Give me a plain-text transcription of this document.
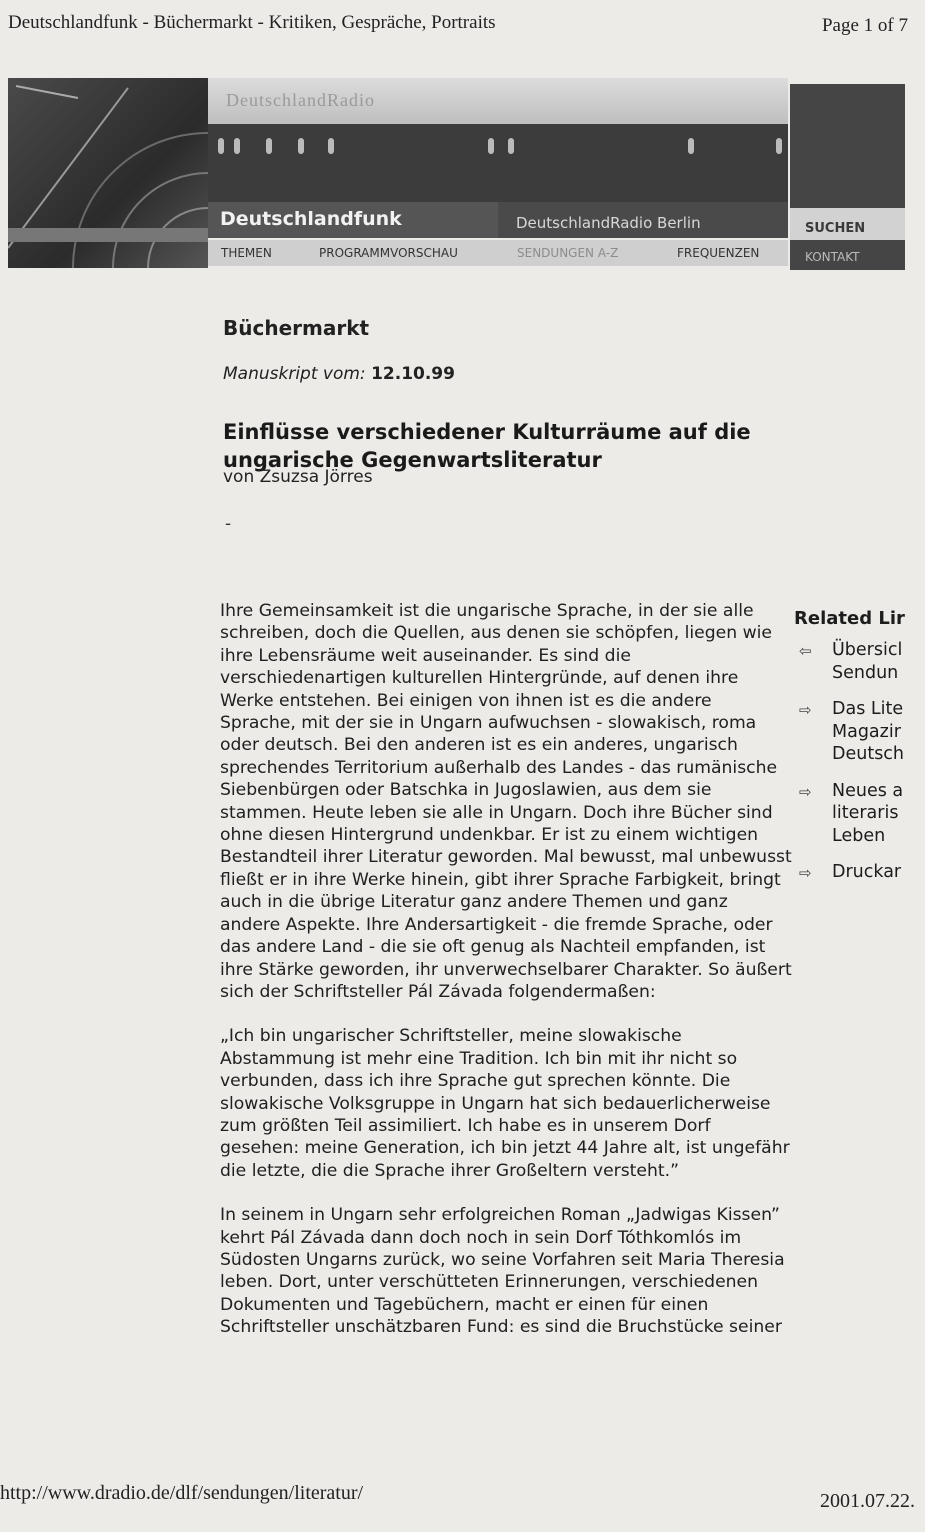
Deutschlandfunk - Büchermarkt - Kritiken, Gespräche, Portraits	Page 1 of 7
DeutschlandRadio
Deutschlandfunk	DeutschlandRadio Berlin	SUCHEN
KONTAKT
THEMEN	PROGRAMMVORSCHAU	SENDUNGEN A-Z	FREQUENZEN
Büchermarkt
Manuskript vom: 12.10.99
Einflüsse verschiedener Kulturräume auf die ungarische Gegenwartsliteratur
von Zsuzsa Jörres
-

Ihre Gemeinsamkeit ist die ungarische Sprache, in der sie alle schreiben, doch die Quellen, aus denen sie schöpfen, liegen wie ihre Lebensräume weit auseinander. Es sind die verschiedenartigen kulturellen Hintergründe, auf denen ihre Werke entstehen. Bei einigen von ihnen ist es die andere Sprache, mit der sie in Ungarn aufwuchsen - slowakisch, roma oder deutsch. Bei den anderen ist es ein anderes, ungarisch sprechendes Territorium außerhalb des Landes - das rumänische Siebenbürgen oder Batschka in Jugoslawien, aus dem sie stammen. Heute leben sie alle in Ungarn. Doch ihre Bücher sind ohne diesen Hintergrund undenkbar. Er ist zu einem wichtigen Bestandteil ihrer Literatur geworden. Mal bewusst, mal unbewusst fließt er in ihre Werke hinein, gibt ihrer Sprache Farbigkeit, bringt auch in die übrige Literatur ganz andere Themen und ganz andere Aspekte. Ihre Andersartigkeit - die fremde Sprache, oder das andere Land - die sie oft genug als Nachteil empfanden, ist ihre Stärke geworden, ihr unverwechselbarer Charakter. So äußert sich der Schriftsteller Pál Závada folgendermaßen:

„Ich bin ungarischer Schriftsteller, meine slowakische Abstammung ist mehr eine Tradition. Ich bin mit ihr nicht so verbunden, dass ich ihre Sprache gut sprechen könnte. Die slowakische Volksgruppe in Ungarn hat sich bedauerlicherweise zum größten Teil assimiliert. Ich habe es in unserem Dorf gesehen: meine Generation, ich bin jetzt 44 Jahre alt, ist ungefähr die letzte, die die Sprache ihrer Großeltern versteht.”

In seinem in Ungarn sehr erfolgreichen Roman „Jadwigas Kissen” kehrt Pál Závada dann doch noch in sein Dorf Tóthkomlós im Südosten Ungarns zurück, wo seine Vorfahren seit Maria Theresia leben. Dort, unter verschütteten Erinnerungen, verschiedenen Dokumenten und Tagebüchern, macht er einen für einen Schriftsteller unschätzbaren Fund: es sind die Bruchstücke seiner

Related Lir
⇦ Übersicl
Sendun
⇨ Das Lite
Magazir
Deutsch
⇨ Neues a
literaris
Leben
⇨ Druckar
http://www.dradio.de/dlf/sendungen/literatur/	2001.07.22.
